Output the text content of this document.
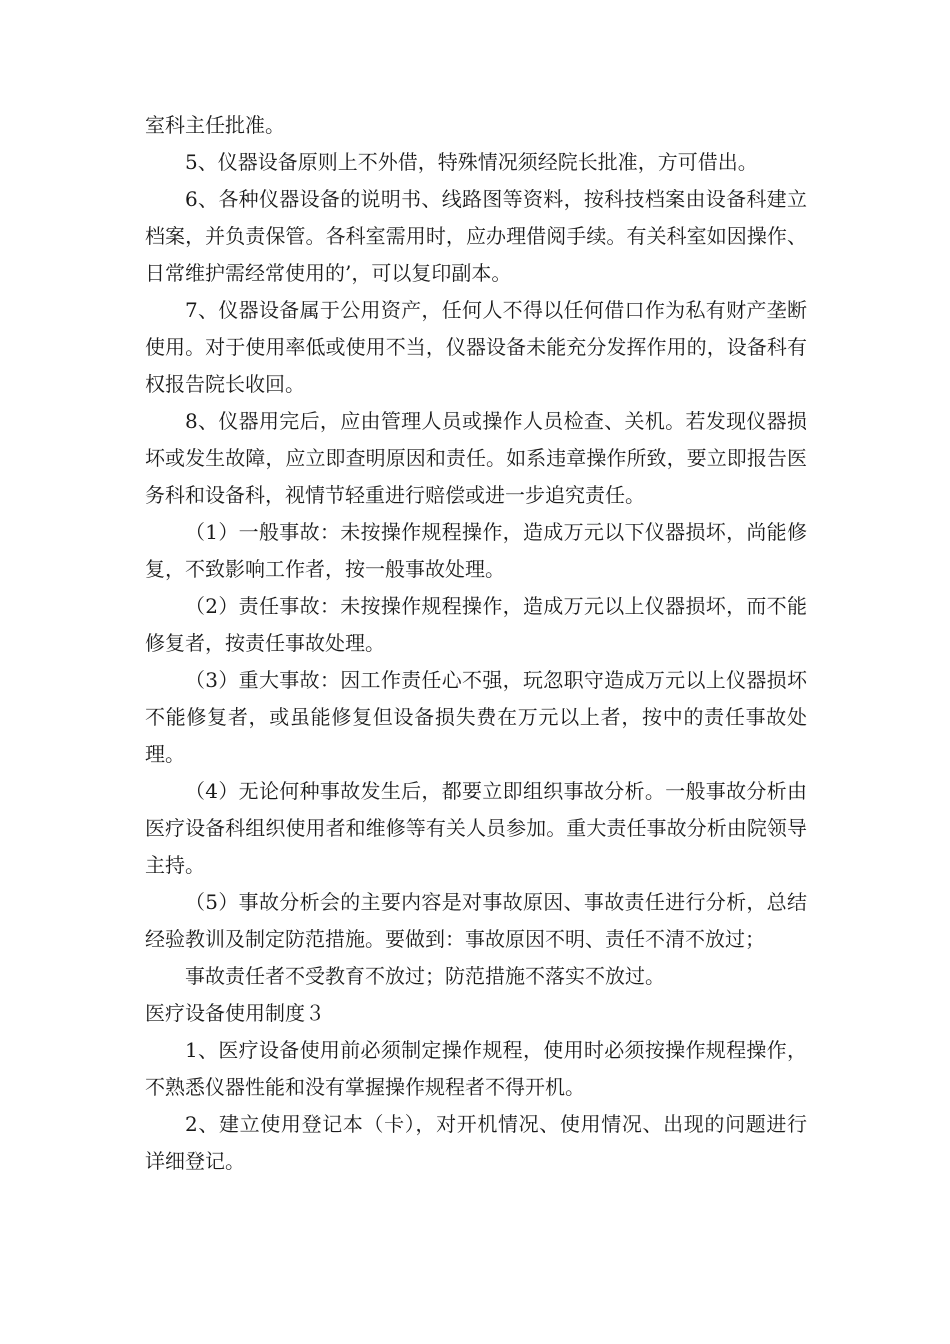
室科主任批准。

5、仪器设备原则上不外借，特殊情况须经院长批准，方可借出。

6、各种仪器设备的说明书、线路图等资料，按科技档案由设备科建立档案，并负责保管。各科室需用时，应办理借阅手续。有关科室如因操作、日常维护需经常使用的’，可以复印副本。

7、仪器设备属于公用资产，任何人不得以任何借口作为私有财产垄断使用。对于使用率低或使用不当，仪器设备未能充分发挥作用的，设备科有权报告院长收回。

8、仪器用完后，应由管理人员或操作人员检查、关机。若发现仪器损坏或发生故障，应立即查明原因和责任。如系违章操作所致，要立即报告医务科和设备科，视情节轻重进行赔偿或进一步追究责任。

（1）一般事故：未按操作规程操作，造成万元以下仪器损坏，尚能修复，不致影响工作者，按一般事故处理。

（2）责任事故：未按操作规程操作，造成万元以上仪器损坏，而不能修复者，按责任事故处理。

（3）重大事故：因工作责任心不强，玩忽职守造成万元以上仪器损坏不能修复者，或虽能修复但设备损失费在万元以上者，按中的责任事故处理。

（4）无论何种事故发生后，都要立即组织事故分析。一般事故分析由医疗设备科组织使用者和维修等有关人员参加。重大责任事故分析由院领导主持。

（5）事故分析会的主要内容是对事故原因、事故责任进行分析，总结经验教训及制定防范措施。要做到：事故原因不明、责任不清不放过；

事故责任者不受教育不放过；防范措施不落实不放过。

医疗设备使用制度３

1、医疗设备使用前必须制定操作规程，使用时必须按操作规程操作，不熟悉仪器性能和没有掌握操作规程者不得开机。

2、建立使用登记本（卡），对开机情况、使用情况、出现的问题进行详细登记。
